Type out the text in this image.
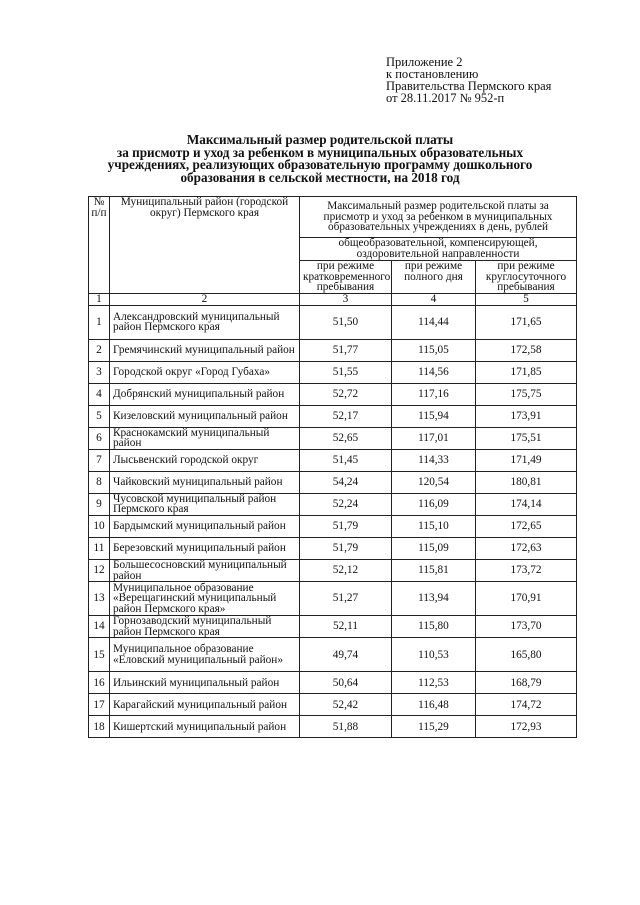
Приложение 2
к постановлению
Правительства Пермского края
от 28.11.2017 № 952-п
Максимальный размер родительской платы
за присмотр и уход за ребенком в муниципальных образовательных
учреждениях, реализующих образовательную программу дошкольного
образования в сельской местности, на 2018 год
№ п/п	Муниципальный район (городской округ) Пермского края	Максимальный размер родительской платы за присмотр и уход за ребенком в муниципальных образовательных учреждениях в день, рублей		
		общеобразовательной, компенсирующей, оздоровительной направленности		
		при режиме кратковременного пребывания	при режиме полного дня	при режиме круглосуточного пребывания
1	2	3	4	5
1	Александровский муниципальный район Пермского края	51,50	114,44	171,65
2	Гремячинский муниципальный район	51,77	115,05	172,58
3	Городской округ «Город Губаха»	51,55	114,56	171,85
4	Добрянский муниципальный район	52,72	117,16	175,75
5	Кизеловский муниципальный район	52,17	115,94	173,91
6	Краснокамский муниципальный район	52,65	117,01	175,51
7	Лысьвенский городской округ	51,45	114,33	171,49
8	Чайковский муниципальный район	54,24	120,54	180,81
9	Чусовской муниципальный район Пермского края	52,24	116,09	174,14
10	Бардымский муниципальный район	51,79	115,10	172,65
11	Березовский муниципальный район	51,79	115,09	172,63
12	Большесосновский муниципальный район	52,12	115,81	173,72
13	Муниципальное образование «Верещагинский муниципальный район Пермского края»	51,27	113,94	170,91
14	Горнозаводский муниципальный район Пермского края	52,11	115,80	173,70
15	Муниципальное образование «Еловский муниципальный район»	49,74	110,53	165,80
16	Ильинский муниципальный район	50,64	112,53	168,79
17	Карагайский муниципальный район	52,42	116,48	174,72
18	Кишертский муниципальный район	51,88	115,29	172,93
